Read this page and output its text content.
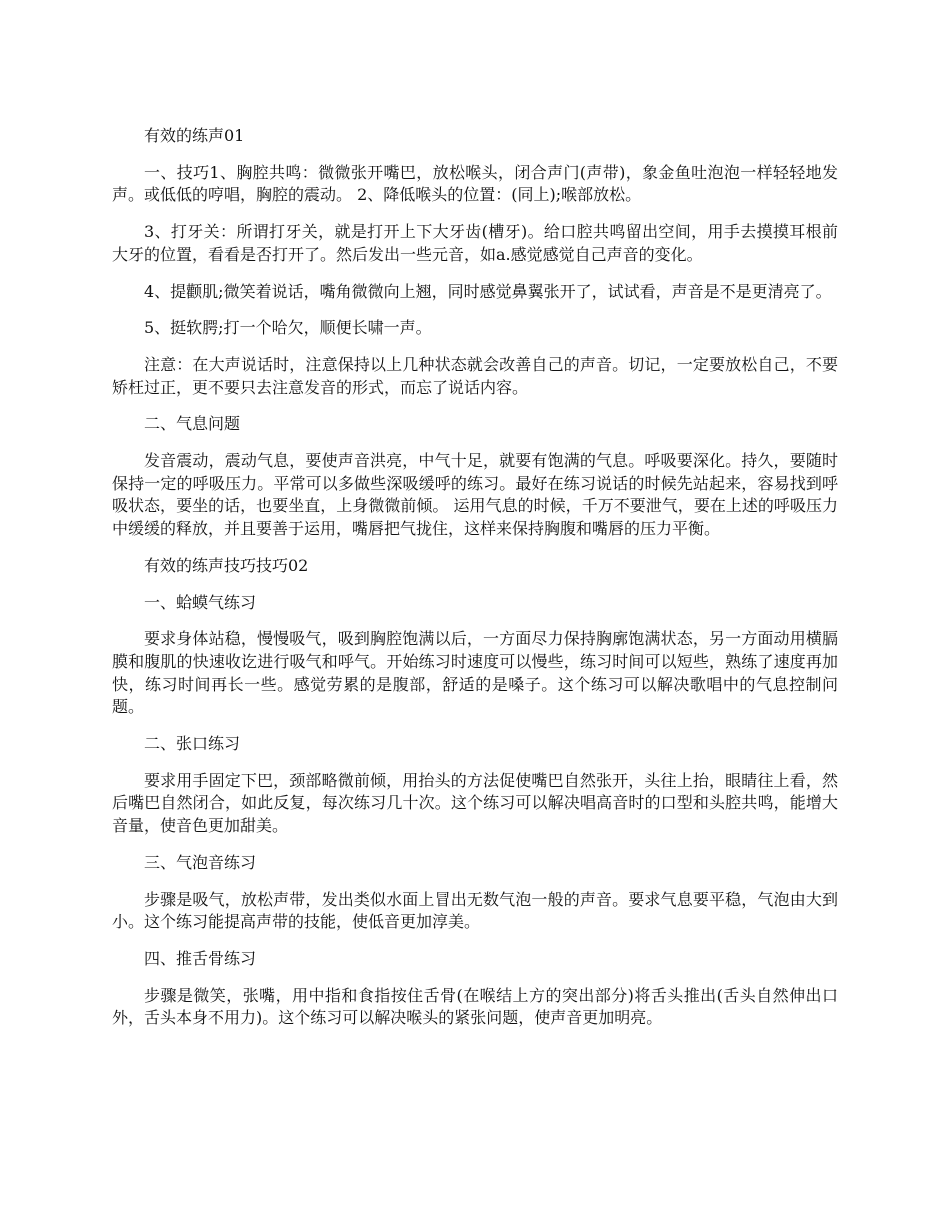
有效的练声01

一、技巧1、胸腔共鸣：微微张开嘴巴，放松喉头，闭合声门(声带)，象金鱼吐泡泡一样轻轻地发声。或低低的哼唱，胸腔的震动。 2、降低喉头的位置：(同上);喉部放松。

3、打牙关：所谓打牙关，就是打开上下大牙齿(槽牙)。给口腔共鸣留出空间，用手去摸摸耳根前大牙的位置，看看是否打开了。然后发出一些元音，如a.感觉感觉自己声音的变化。

4、提颧肌;微笑着说话，嘴角微微向上翘，同时感觉鼻翼张开了，试试看，声音是不是更清亮了。

5、挺软腭;打一个哈欠，顺便长啸一声。

注意：在大声说话时，注意保持以上几种状态就会改善自己的声音。切记，一定要放松自己，不要矫枉过正，更不要只去注意发音的形式，而忘了说话内容。

二、气息问题

发音震动，震动气息，要使声音洪亮，中气十足，就要有饱满的气息。呼吸要深化。持久，要随时保持一定的呼吸压力。平常可以多做些深吸缓呼的练习。最好在练习说话的时候先站起来，容易找到呼吸状态，要坐的话，也要坐直，上身微微前倾。 运用气息的时候，千万不要泄气，要在上述的呼吸压力中缓缓的释放，并且要善于运用，嘴唇把气拢住，这样来保持胸腹和嘴唇的压力平衡。

有效的练声技巧技巧02

一、蛤蟆气练习

要求身体站稳，慢慢吸气，吸到胸腔饱满以后，一方面尽力保持胸廓饱满状态，另一方面动用横膈膜和腹肌的快速收讫进行吸气和呼气。开始练习时速度可以慢些，练习时间可以短些，熟练了速度再加快，练习时间再长一些。感觉劳累的是腹部，舒适的是嗓子。这个练习可以解决歌唱中的气息控制问题。

二、张口练习

要求用手固定下巴，颈部略微前倾，用抬头的方法促使嘴巴自然张开，头往上抬，眼睛往上看，然后嘴巴自然闭合，如此反复，每次练习几十次。这个练习可以解决唱高音时的口型和头腔共鸣，能增大音量，使音色更加甜美。

三、气泡音练习

步骤是吸气，放松声带，发出类似水面上冒出无数气泡一般的声音。要求气息要平稳，气泡由大到小。这个练习能提高声带的技能，使低音更加淳美。

四、推舌骨练习

步骤是微笑，张嘴，用中指和食指按住舌骨(在喉结上方的突出部分)将舌头推出(舌头自然伸出口外，舌头本身不用力)。这个练习可以解决喉头的紧张问题，使声音更加明亮。
